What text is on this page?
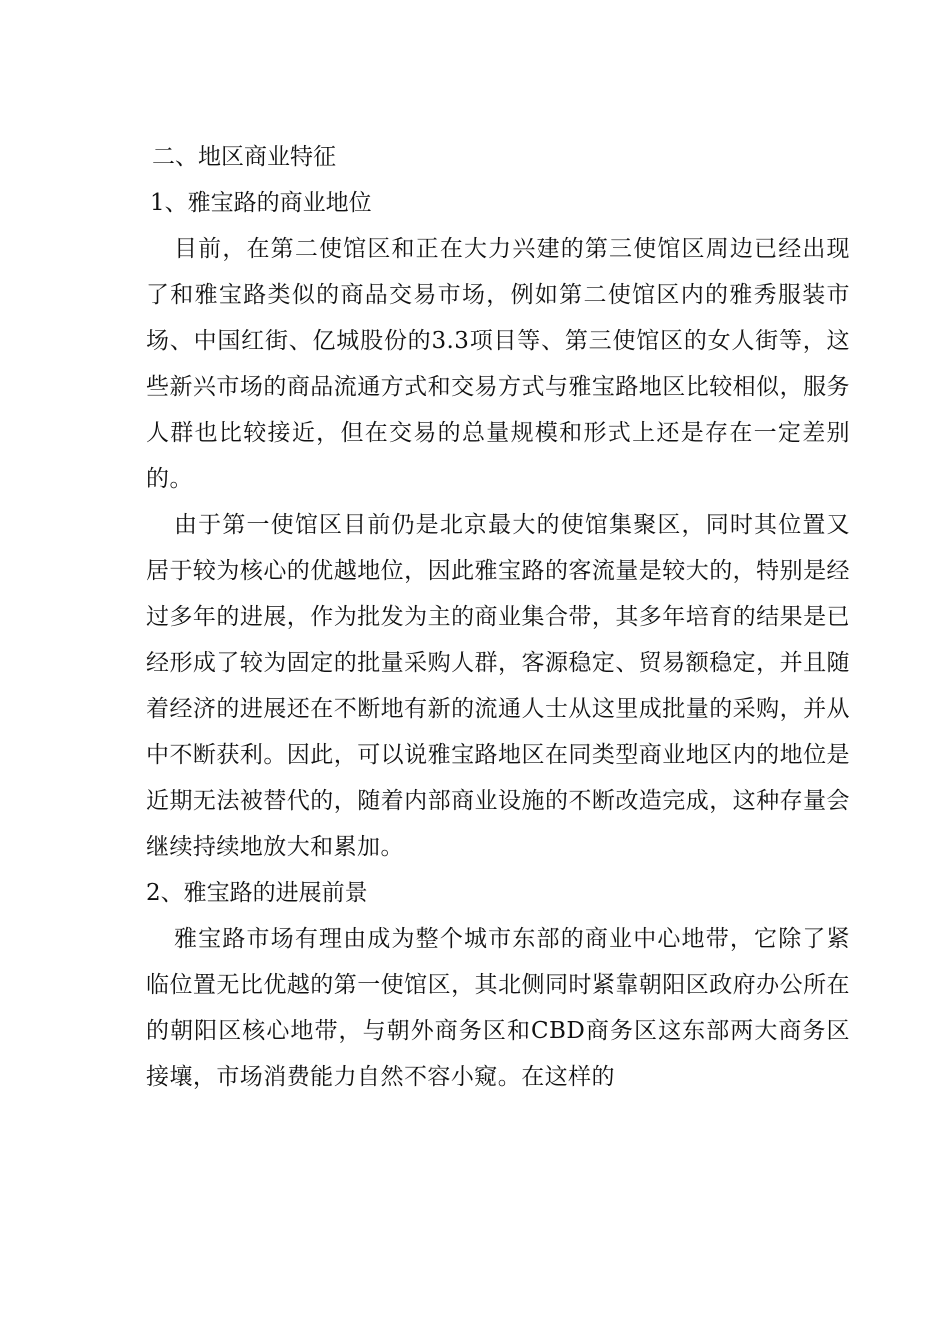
二、地区商业特征
1、雅宝路的商业地位

目前，在第二使馆区和正在大力兴建的第三使馆区周边已经出现了和雅宝路类似的商品交易市场，例如第二使馆区内的雅秀服装市场、中国红街、亿城股份的3.3项目等、第三使馆区的女人街等，这些新兴市场的商品流通方式和交易方式与雅宝路地区比较相似，服务人群也比较接近，但在交易的总量规模和形式上还是存在一定差别的。

由于第一使馆区目前仍是北京最大的使馆集聚区，同时其位置又居于较为核心的优越地位，因此雅宝路的客流量是较大的，特别是经过多年的进展，作为批发为主的商业集合带，其多年培育的结果是已经形成了较为固定的批量采购人群，客源稳定、贸易额稳定，并且随着经济的进展还在不断地有新的流通人士从这里成批量的采购，并从中不断获利。因此，可以说雅宝路地区在同类型商业地区内的地位是近期无法被替代的，随着内部商业设施的不断改造完成，这种存量会继续持续地放大和累加。

2、雅宝路的进展前景

雅宝路市场有理由成为整个城市东部的商业中心地带，它除了紧临位置无比优越的第一使馆区，其北侧同时紧靠朝阳区政府办公所在的朝阳区核心地带，与朝外商务区和CBD商务区这东部两大商务区接壤，市场消费能力自然不容小窥。在这样的
